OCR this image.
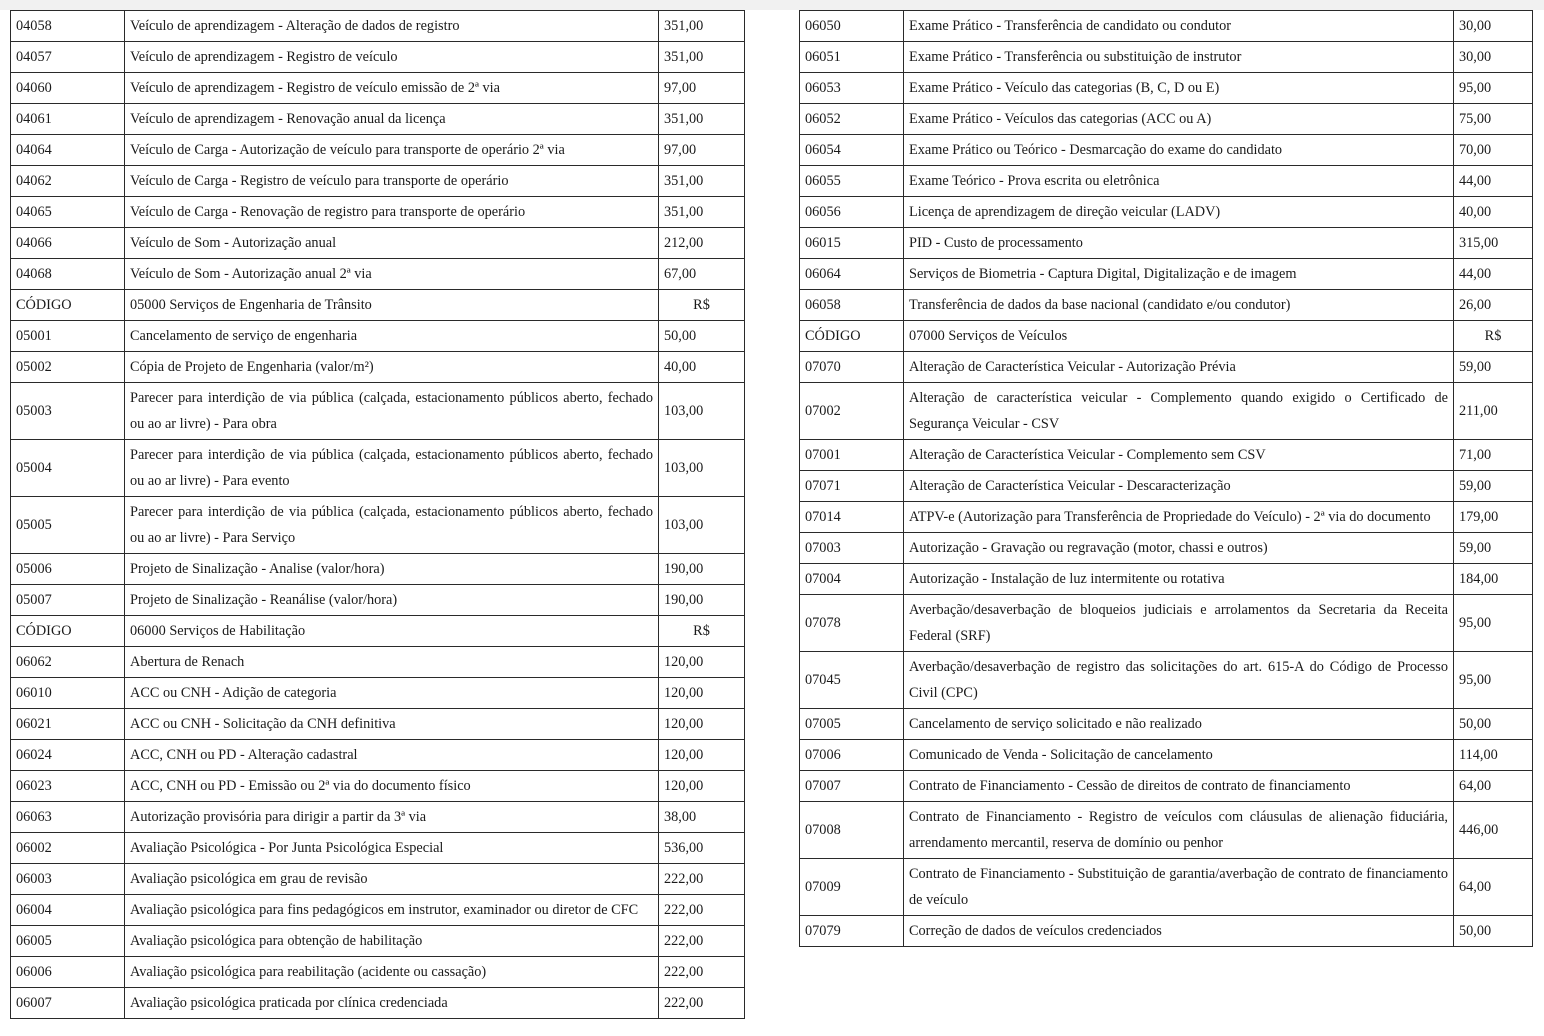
04058	Veículo de aprendizagem - Alteração de dados de registro	351,00
04057	Veículo de aprendizagem - Registro de veículo	351,00
04060	Veículo de aprendizagem - Registro de veículo emissão de 2ª via	97,00
04061	Veículo de aprendizagem - Renovação anual da licença	351,00
04064	Veículo de Carga - Autorização de veículo para transporte de operário 2ª via	97,00
04062	Veículo de Carga - Registro de veículo para transporte de operário	351,00
04065	Veículo de Carga - Renovação de registro para transporte de operário	351,00
04066	Veículo de Som - Autorização anual	212,00
04068	Veículo de Som - Autorização anual 2ª via	67,00
CÓDIGO	05000 Serviços de Engenharia de Trânsito	R$
05001	Cancelamento de serviço de engenharia	50,00
05002	Cópia de Projeto de Engenharia (valor/m²)	40,00
05003	Parecer para interdição de via pública (calçada, estacionamento públicos aberto, fechado ou ao ar livre) - Para obra	103,00
05004	Parecer para interdição de via pública (calçada, estacionamento públicos aberto, fechado ou ao ar livre) - Para evento	103,00
05005	Parecer para interdição de via pública (calçada, estacionamento públicos aberto, fechado ou ao ar livre) - Para Serviço	103,00
05006	Projeto de Sinalização - Analise (valor/hora)	190,00
05007	Projeto de Sinalização - Reanálise (valor/hora)	190,00
CÓDIGO	06000 Serviços de Habilitação	R$
06062	Abertura de Renach	120,00
06010	ACC ou CNH - Adição de categoria	120,00
06021	ACC ou CNH - Solicitação da CNH definitiva	120,00
06024	ACC, CNH ou PD - Alteração cadastral	120,00
06023	ACC, CNH ou PD - Emissão ou 2ª via do documento físico	120,00
06063	Autorização provisória para dirigir a partir da 3ª via	38,00
06002	Avaliação Psicológica - Por Junta Psicológica Especial	536,00
06003	Avaliação psicológica em grau de revisão	222,00
06004	Avaliação psicológica para fins pedagógicos em instrutor, examinador ou diretor de CFC	222,00
06005	Avaliação psicológica para obtenção de habilitação	222,00
06006	Avaliação psicológica para reabilitação (acidente ou cassação)	222,00
06007	Avaliação psicológica praticada por clínica credenciada	222,00
06050	Exame Prático - Transferência de candidato ou condutor	30,00
06051	Exame Prático - Transferência ou substituição de instrutor	30,00
06053	Exame Prático - Veículo das categorias (B, C, D ou E)	95,00
06052	Exame Prático - Veículos das categorias (ACC ou A)	75,00
06054	Exame Prático ou Teórico - Desmarcação do exame do candidato	70,00
06055	Exame Teórico - Prova escrita ou eletrônica	44,00
06056	Licença de aprendizagem de direção veicular (LADV)	40,00
06015	PID - Custo de processamento	315,00
06064	Serviços de Biometria - Captura Digital, Digitalização e de imagem	44,00
06058	Transferência de dados da base nacional (candidato e/ou condutor)	26,00
CÓDIGO	07000 Serviços de Veículos	R$
07070	Alteração de Característica Veicular - Autorização Prévia	59,00
07002	Alteração de característica veicular - Complemento quando exigido o Certificado de Segurança Veicular - CSV	211,00
07001	Alteração de Característica Veicular - Complemento sem CSV	71,00
07071	Alteração de Característica Veicular - Descaracterização	59,00
07014	ATPV-e (Autorização para Transferência de Propriedade do Veículo) - 2ª via do documento	179,00
07003	Autorização - Gravação ou regravação (motor, chassi e outros)	59,00
07004	Autorização - Instalação de luz intermitente ou rotativa	184,00
07078	Averbação/desaverbação de bloqueios judiciais e arrolamentos da Secretaria da Receita Federal (SRF)	95,00
07045	Averbação/desaverbação de registro das solicitações do art. 615-A do Código de Processo Civil (CPC)	95,00
07005	Cancelamento de serviço solicitado e não realizado	50,00
07006	Comunicado de Venda - Solicitação de cancelamento	114,00
07007	Contrato de Financiamento - Cessão de direitos de contrato de financiamento	64,00
07008	Contrato de Financiamento - Registro de veículos com cláusulas de alienação fiduciária, arrendamento mercantil, reserva de domínio ou penhor	446,00
07009	Contrato de Financiamento - Substituição de garantia/averbação de contrato de financiamento de veículo	64,00
07079	Correção de dados de veículos credenciados	50,00
